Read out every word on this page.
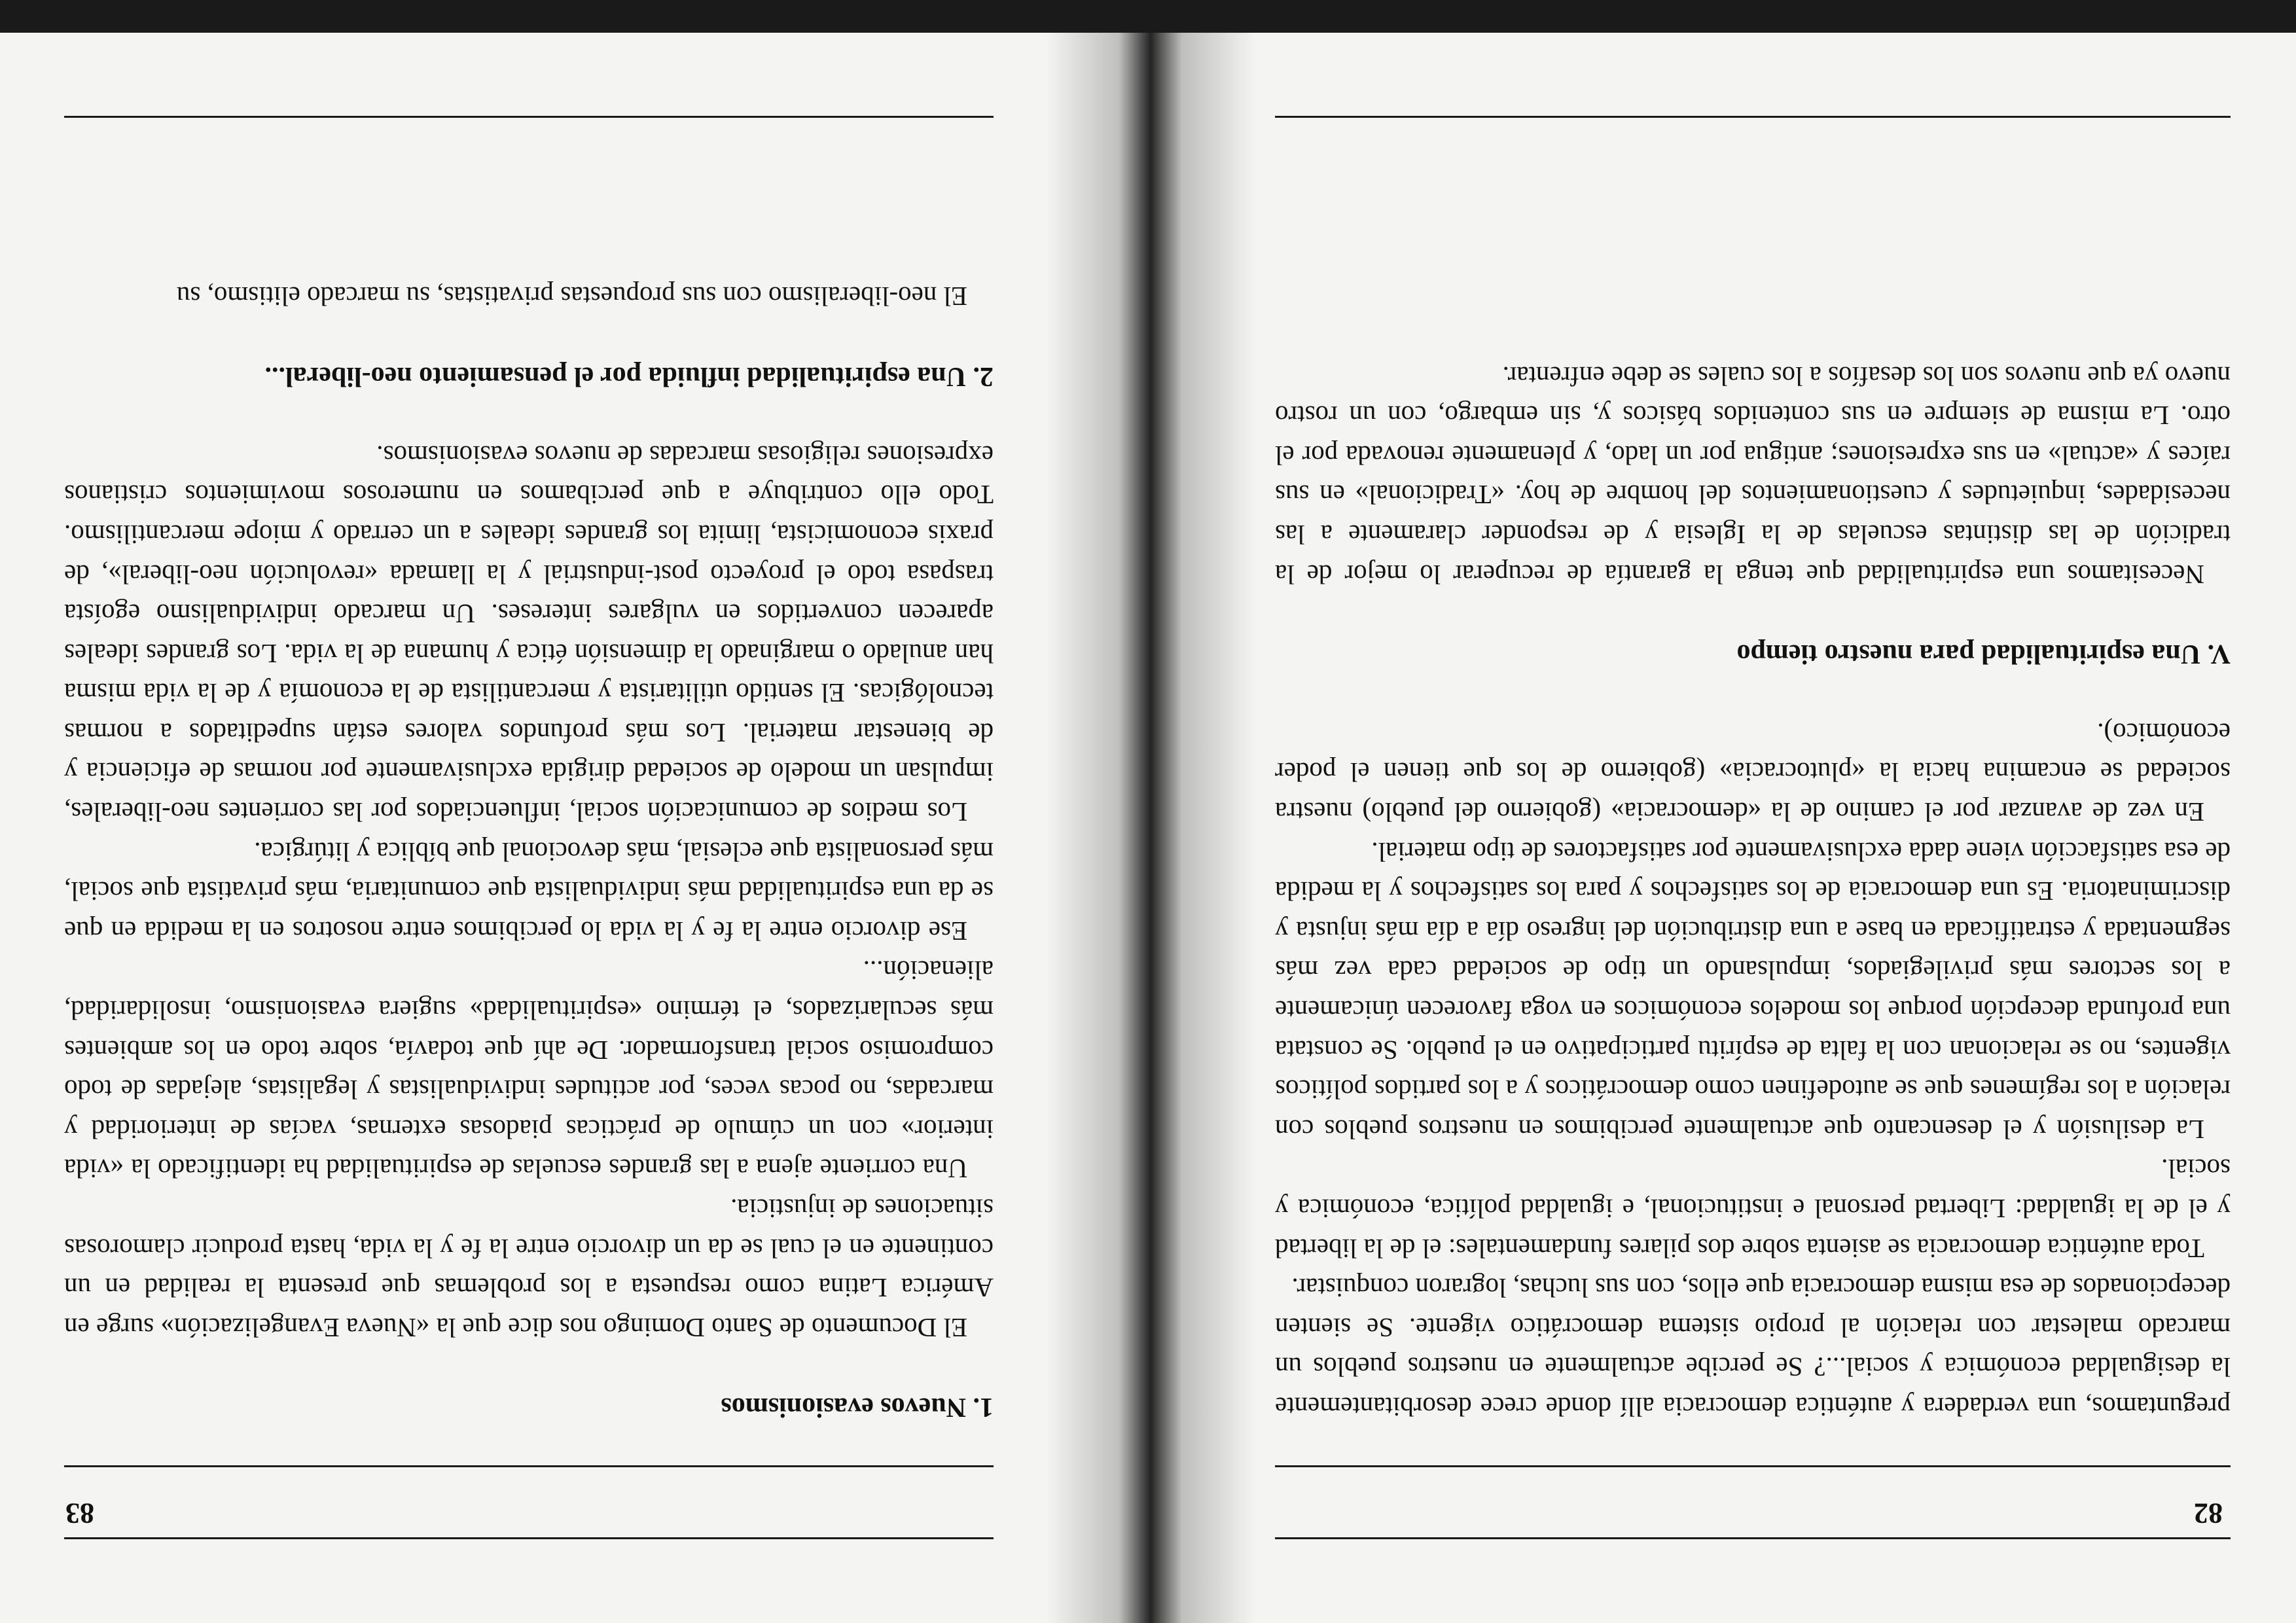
82

preguntamos, una verdadera y auténtica democracia allí donde crece desorbitantemente la desigualdad económica y social...? Se percibe actualmente en nuestros pueblos un marcado malestar con relación al propio sistema democrático vigente. Se sienten decepcionados de esa misma democracia que ellos, con sus luchas, lograron conquistar.

Toda auténtica democracia se asienta sobre dos pilares fundamentales: el de la libertad y el de la igualdad: Libertad personal e institucional, e igualdad política, económica y social.

La desilusión y el desencanto que actualmente percibimos en nuestros pueblos con relación a los regímenes que se autodefinen como democráticos y a los partidos políticos vigentes, no se relacionan con la falta de espíritu participativo en el pueblo. Se constata una profunda decepción porque los modelos económicos en voga favorecen únicamente a los sectores más privilegiados, impulsando un tipo de sociedad cada vez más segmentada y estratificada en base a una distribución del ingreso día a día más injusta y discriminatoria. Es una democracia de los satisfechos y para los satisfechos y la medida de esa satisfacción viene dada exclusivamente por satisfactores de tipo material.

En vez de avanzar por el camino de la «democracia» (gobierno del pueblo) nuestra sociedad se encamina hacia la «plutocracia» (gobierno de los que tienen el poder económico).

V. Una espiritualidad para nuestro tiempo

Necesitamos una espiritualidad que tenga la garantía de recuperar lo mejor de la tradición de las distintas escuelas de la Iglesia y de responder claramente a las necesidades, inquietudes y cuestionamientos del hombre de hoy. «Tradicional» en sus raíces y «actual» en sus expresiones; antigua por un lado, y plenamente renovada por el otro. La misma de siempre en sus contenidos básicos y, sin embargo, con un rostro nuevo ya que nuevos son los desafíos a los cuales se debe enfrentar.

83
1. Nuevos evasionismos

El Documento de Santo Domingo nos dice que la «Nueva Evangelización» surge en América Latina como respuesta a los problemas que presenta la realidad en un continente en el cual se da un divorcio entre la fe y la vida, hasta producir clamorosas situaciones de injusticia.

Una corriente ajena a las grandes escuelas de espiritualidad ha identificado la «vida interior» con un cúmulo de prácticas piadosas externas, vacías de interioridad y marcadas, no pocas veces, por actitudes individualistas y legalistas, alejadas de todo compromiso social transformador. De ahí que todavía, sobre todo en los ambientes más secularizados, el término «espiritualidad» sugiera evasionismo, insolidaridad, alienación...

Ese divorcio entre la fe y la vida lo percibimos entre nosotros en la medida en que se da una espiritualidad más individualista que comunitaria, más privatista que social, más personalista que eclesial, más devocional que bíblica y litúrgica.

Los medios de comunicación social, influenciados por las corrientes neo-liberales, impulsan un modelo de sociedad dirigida exclusivamente por normas de eficiencia y de bienestar material. Los más profundos valores están supeditados a normas tecnológicas. El sentido utilitarista y mercantilista de la economía y de la vida misma han anulado o marginado la dimensión ética y humana de la vida. Los grandes ideales aparecen convertidos en vulgares intereses. Un marcado individualismo egoísta traspasa todo el proyecto post-industrial y la llamada «revolución neo-liberal», de praxis economicista, limita los grandes ideales a un cerrado y miope mercantilismo. Todo ello contribuye a que percibamos en numerosos movimientos cristianos expresiones religiosas marcadas de nuevos evasionismos.

2. Una espiritualidad influida por el pensamiento neo-liberal...

El neo-liberalismo con sus propuestas privatistas, su marcado elitismo, su
